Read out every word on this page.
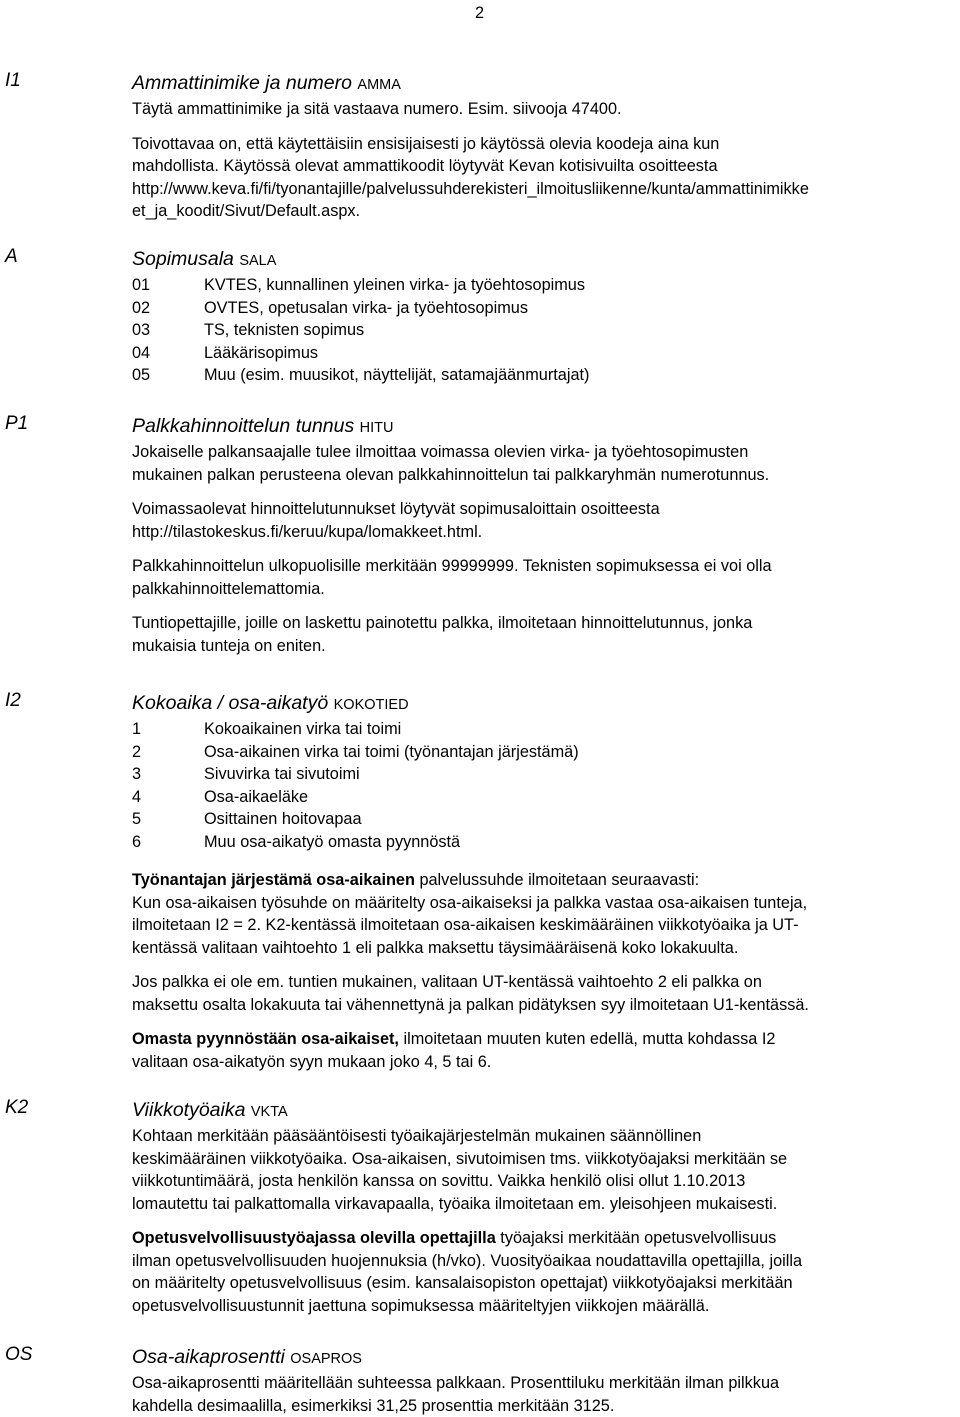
2
I1	Ammattinimike ja numero AMMA

Täytä ammattinimike ja sitä vastaava numero. Esim. siivooja 47400.

Toivottavaa on, että käytettäisiin ensisijaisesti jo käytössä olevia koodeja aina kun
mahdollista. Käytössä olevat ammattikoodit löytyvät Kevan kotisivuilta osoitteesta
http://www.keva.fi/fi/tyonantajille/palvelussuhderekisteri_ilmoitusliikenne/kunta/ammattinimikke
et_ja_koodit/Sivut/Default.aspx.
A	Sopimusala SALA
01	KVTES, kunnallinen yleinen virka- ja työehtosopimus
02	OVTES, opetusalan virka- ja työehtosopimus
03	TS, teknisten sopimus
04	Lääkärisopimus
05	Muu (esim. muusikot, näyttelijät, satamajäänmurtajat)
P1	Palkkahinnoittelun tunnus HITU
Jokaiselle palkansaajalle tulee ilmoittaa voimassa olevien virka- ja työehtosopimusten
mukainen palkan perusteena olevan palkkahinnoittelun tai palkkaryhmän numerotunnus.
Voimassaolevat hinnoittelutunnukset löytyvät sopimusaloittain osoitteesta
http://tilastokeskus.fi/keruu/kupa/lomakkeet.html.
Palkkahinnoittelun ulkopuolisille merkitään 99999999. Teknisten sopimuksessa ei voi olla
palkkahinnoittelemattomia.
Tuntiopettajille, joille on laskettu painotettu palkka, ilmoitetaan hinnoittelutunnus, jonka
mukaisia tunteja on eniten.
I2	Kokoaika / osa-aikatyö KOKOTIED
1	Kokoaikainen virka tai toimi
2	Osa-aikainen virka tai toimi (työnantajan järjestämä)
3	Sivuvirka tai sivutoimi
4	Osa-aikaeläke
5	Osittainen hoitovapaa
6	Muu osa-aikatyö omasta pyynnöstä
Työnantajan järjestämä osa-aikainen palvelussuhde ilmoitetaan seuraavasti:
Kun osa-aikaisen työsuhde on määritelty osa-aikaiseksi ja palkka vastaa osa-aikaisen tunteja,
ilmoitetaan I2 = 2. K2-kentässä ilmoitetaan osa-aikaisen keskimääräinen viikkotyöaika ja UT-
kentässä valitaan vaihtoehto 1 eli palkka maksettu täysimääräisenä koko lokakuulta.
Jos palkka ei ole em. tuntien mukainen, valitaan UT-kentässä vaihtoehto 2 eli palkka on
maksettu osalta lokakuuta tai vähennettynä ja palkan pidätyksen syy ilmoitetaan U1-kentässä.
Omasta pyynnöstään osa-aikaiset, ilmoitetaan muuten kuten edellä, mutta kohdassa I2
valitaan osa-aikatyön syyn mukaan joko 4, 5 tai 6.
K2	Viikkotyöaika VKTA
Kohtaan merkitään pääsääntöisesti työaikajärjestelmän mukainen säännöllinen
keskimääräinen viikkotyöaika. Osa-aikaisen, sivutoimisen tms. viikkotyöajaksi merkitään se
viikkotuntimäärä, josta henkilön kanssa on sovittu. Vaikka henkilö olisi ollut 1.10.2013
lomautettu tai palkattomalla virkavapaalla, työaika ilmoitetaan em. yleisohjeen mukaisesti.
Opetusvelvollisuustyöajassa olevilla opettajilla työajaksi merkitään opetusvelvollisuus
ilman opetusvelvollisuuden huojennuksia (h/vko). Vuosityöaikaa noudattavilla opettajilla, joilla
on määritelty opetusvelvollisuus (esim. kansalaisopiston opettajat) viikkotyöajaksi merkitään
opetusvelvollisuustunnit jaettuna sopimuksessa määriteltyjen viikkojen määrällä.
OS	Osa-aikaprosentti OSAPROS
Osa-aikaprosentti määritellään suhteessa palkkaan. Prosenttiluku merkitään ilman pilkkua
kahdella desimaalilla, esimerkiksi 31,25 prosenttia merkitään 3125.
